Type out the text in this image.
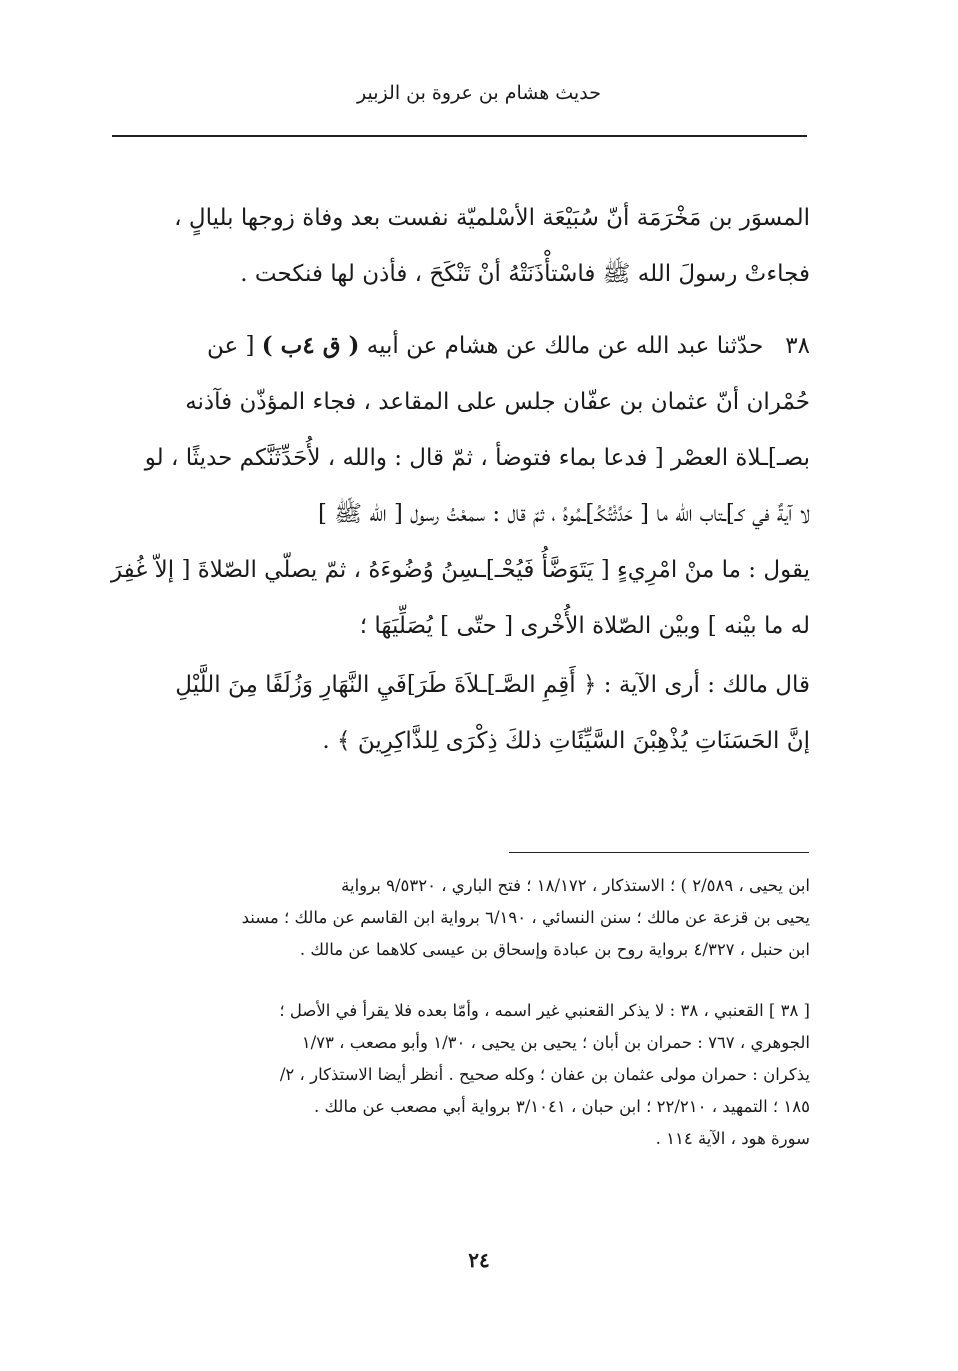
حديث هشام بن عروة بن الزبير
المسوَر بن مَخْرَمَة أنّ سُبَيْعَة الأسْلميّة نفست بعد وفاة زوجها بليالٍ ،
فجاءتْ رسولَ الله ﷺ فاسْتأْذَنَتْهُ أنْ تَنْكَحَ ، فأذن لها فنكحت .
٣٨   حدّثنا عبد الله عن مالك عن هشام عن أبيه ( ق ٤ب ) [ عن
حُمْران أنّ عثمان بن عفّان جلس على المقاعد ، فجاء المؤذّن فآذنه
بصـ]ـلاة العصْر [ فدعا بماء فتوضأ ، ثمّ قال : والله ، لأُحَدِّثَنَّكم حديثًا ، لو
لا آيةٌ في كـ]ـتاب الله ما [ حَدَّثْتُكُـ]ـمُوهُ ، ثمّ قال : سمعْتُ رسول [ الله ﷺ ]
يقول : ما منْ امْرِيءٍ [ يَتَوَضَّأُ فَيُحْـ]ـسِنُ وُضُوءَهُ ، ثمّ يصلّي الصّلاةَ [ إلاّ غُفِرَ
له ما بيْنه ] وبيْن الصّلاة الأُخْرى [ حتّى ] يُصَلِّيَهَا ؛
قال مالك : أرى الآية : ﴿ أَقِمِ الصَّـ]ـلاَةَ طَرَ]فَيِ النَّهَارِ وَزُلَفًا مِنَ اللَّيْلِ
إنَّ الحَسَنَاتِ يُذْهِبْنَ السَّيِّئَاتِ ذلكَ ذِكْرَى لِلذَّاكِرِينَ ﴾ .
ابن يحيى ، ٢/٥٨٩ ) ؛ الاستذكار ، ١٨/١٧٢ ؛ فتح الباري ، ٩/٥٣٢٠ برواية
يحيى بن قزعة عن مالك ؛ سنن النسائي ، ٦/١٩٠ برواية ابن القاسم عن مالك ؛ مسند
ابن حنبل ، ٤/٣٢٧ برواية روح بن عبادة وإسحاق بن عيسى كلاهما عن مالك .
[ ٣٨ ] القعنبي ، ٣٨ : لا يذكر القعنبي غير اسمه ، وأمّا بعده فلا يقرأ في الأصل ؛
الجوهري ، ٧٦٧ : حمران بن أبان ؛ يحيى بن يحيى ، ١/٣٠ وأبو مصعب ، ١/٧٣
يذكران : حمران مولى عثمان بن عفان ؛ وكله صحيح . أنظر أيضا الاستذكار ، ٢/
١٨٥ ؛ التمهيد ، ٢٢/٢١٠ ؛ ابن حبان ، ٣/١٠٤١ برواية أبي مصعب عن مالك .
سورة هود ، الآية ١١٤ .
٢٤
